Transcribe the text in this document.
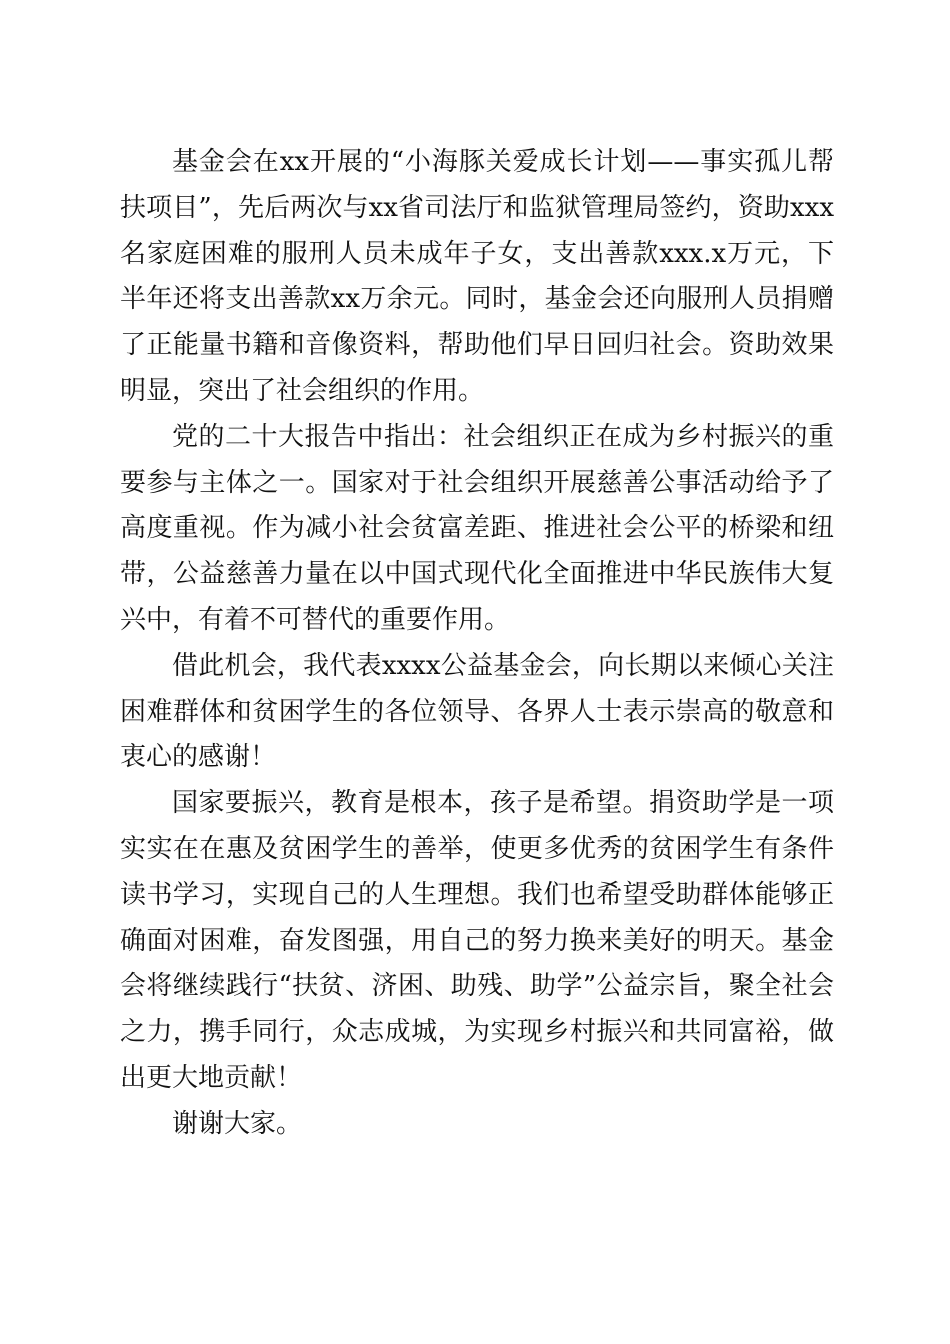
基金会在xx开展的“小海豚关爱成长计划——事实孤儿帮扶项目”，先后两次与xx省司法厅和监狱管理局签约，资助xxx名家庭困难的服刑人员未成年子女，支出善款xxx.x万元，下半年还将支出善款xx万余元。同时，基金会还向服刑人员捐赠了正能量书籍和音像资料，帮助他们早日回归社会。资助效果明显，突出了社会组织的作用。

党的二十大报告中指出：社会组织正在成为乡村振兴的重要参与主体之一。国家对于社会组织开展慈善公事活动给予了高度重视。作为减小社会贫富差距、推进社会公平的桥梁和纽带，公益慈善力量在以中国式现代化全面推进中华民族伟大复兴中，有着不可替代的重要作用。

借此机会，我代表xxxx公益基金会，向长期以来倾心关注困难群体和贫困学生的各位领导、各界人士表示崇高的敬意和衷心的感谢！

国家要振兴，教育是根本，孩子是希望。捐资助学是一项实实在在惠及贫困学生的善举，使更多优秀的贫困学生有条件读书学习，实现自己的人生理想。我们也希望受助群体能够正确面对困难，奋发图强，用自己的努力换来美好的明天。基金会将继续践行“扶贫、济困、助残、助学”公益宗旨，聚全社会之力，携手同行，众志成城，为实现乡村振兴和共同富裕，做出更大地贡献！

谢谢大家。
